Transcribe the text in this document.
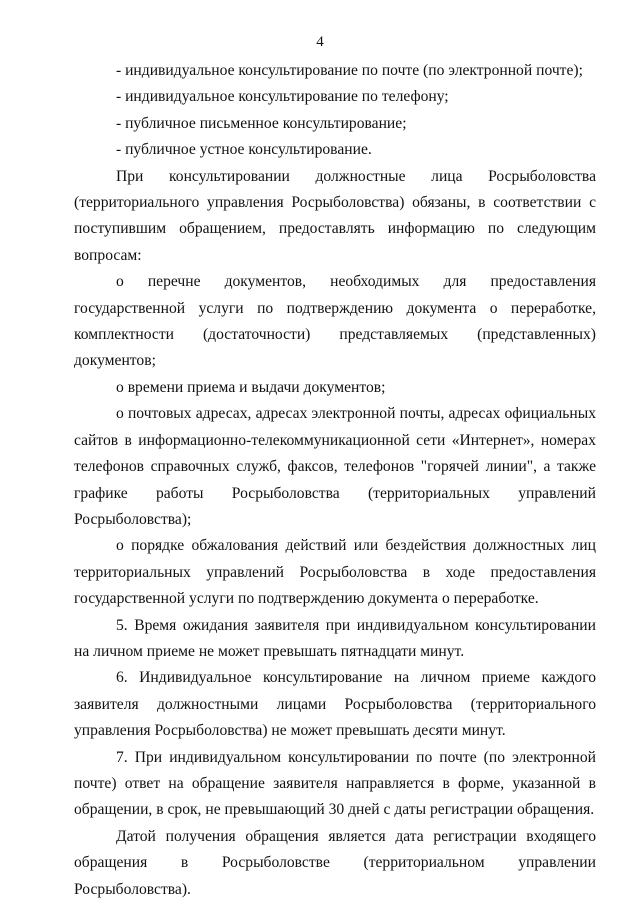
4

- индивидуальное консультирование по почте (по электронной почте);

- индивидуальное консультирование по телефону;

- публичное письменное консультирование;

- публичное устное консультирование.

При консультировании должностные лица Росрыболовства (территориального управления Росрыболовства) обязаны, в соответствии с поступившим обращением, предоставлять информацию по следующим вопросам:

о перечне документов, необходимых для предоставления государственной услуги по подтверждению документа о переработке, комплектности (достаточности) представляемых (представленных) документов;

о времени приема и выдачи документов;

о почтовых адресах, адресах электронной почты, адресах официальных сайтов в информационно-телекоммуникационной сети «Интернет», номерах телефонов справочных служб, факсов, телефонов "горячей линии", а также графике работы Росрыболовства (территориальных управлений Росрыболовства);

о порядке обжалования действий или бездействия должностных лиц территориальных управлений Росрыболовства в ходе предоставления государственной услуги по подтверждению документа о переработке.

5. Время ожидания заявителя при индивидуальном консультировании на личном приеме не может превышать пятнадцати минут.

6. Индивидуальное консультирование на личном приеме каждого заявителя должностными лицами Росрыболовства (территориального управления Росрыболовства) не может превышать десяти минут.

7. При индивидуальном консультировании по почте (по электронной почте) ответ на обращение заявителя направляется в форме, указанной в обращении, в срок, не превышающий 30 дней с даты регистрации обращения.

Датой получения обращения является дата регистрации входящего обращения в Росрыболовстве (территориальном управлении Росрыболовства).
